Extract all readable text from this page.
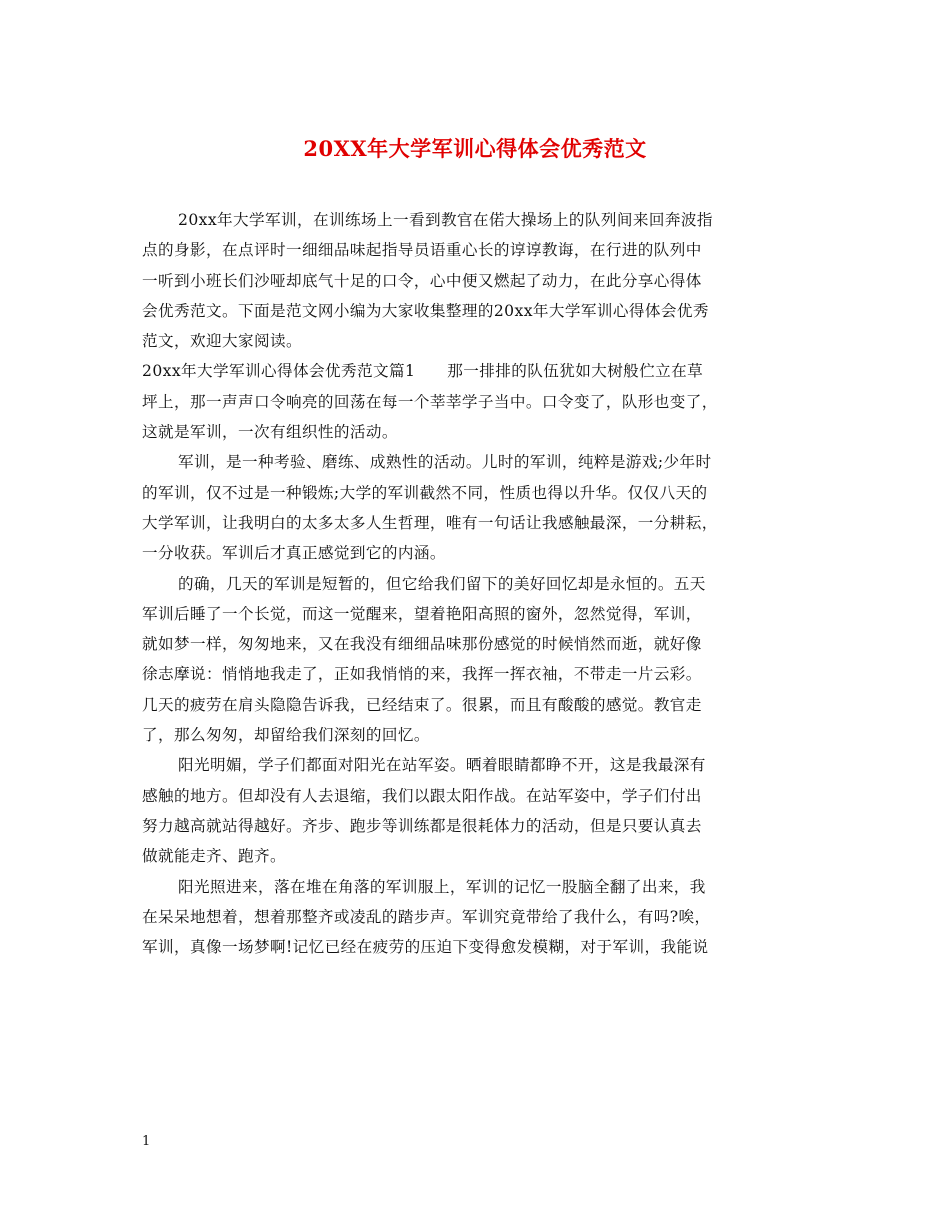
20XX年大学军训心得体会优秀范文
20xx年大学军训，在训练场上一看到教官在偌大操场上的队列间来回奔波指
点的身影，在点评时一细细品味起指导员语重心长的谆谆教诲，在行进的队列中
一听到小班长们沙哑却底气十足的口令，心中便又燃起了动力，在此分享心得体
会优秀范文。下面是范文网小编为大家收集整理的20xx年大学军训心得体会优秀
范文，欢迎大家阅读。
20xx年大学军训心得体会优秀范文篇1　　那一排排的队伍犹如大树般伫立在草
坪上，那一声声口令响亮的回荡在每一个莘莘学子当中。口令变了，队形也变了，
这就是军训，一次有组织性的活动。
军训，是一种考验、磨练、成熟性的活动。儿时的军训，纯粹是游戏;少年时
的军训，仅不过是一种锻炼;大学的军训截然不同，性质也得以升华。仅仅八天的
大学军训，让我明白的太多太多人生哲理，唯有一句话让我感触最深，一分耕耘，
一分收获。军训后才真正感觉到它的内涵。
的确，几天的军训是短暂的，但它给我们留下的美好回忆却是永恒的。五天
军训后睡了一个长觉，而这一觉醒来，望着艳阳高照的窗外，忽然觉得，军训，
就如梦一样，匆匆地来，又在我没有细细品味那份感觉的时候悄然而逝，就好像
徐志摩说：悄悄地我走了，正如我悄悄的来，我挥一挥衣袖，不带走一片云彩。
几天的疲劳在肩头隐隐告诉我，已经结束了。很累，而且有酸酸的感觉。教官走
了，那么匆匆，却留给我们深刻的回忆。
阳光明媚，学子们都面对阳光在站军姿。晒着眼睛都睁不开，这是我最深有
感触的地方。但却没有人去退缩，我们以跟太阳作战。在站军姿中，学子们付出
努力越高就站得越好。齐步、跑步等训练都是很耗体力的活动，但是只要认真去
做就能走齐、跑齐。
阳光照进来，落在堆在角落的军训服上，军训的记忆一股脑全翻了出来，我
在呆呆地想着，想着那整齐或凌乱的踏步声。军训究竟带给了我什么，有吗?唉，
军训，真像一场梦啊!记忆已经在疲劳的压迫下变得愈发模糊，对于军训，我能说
1
